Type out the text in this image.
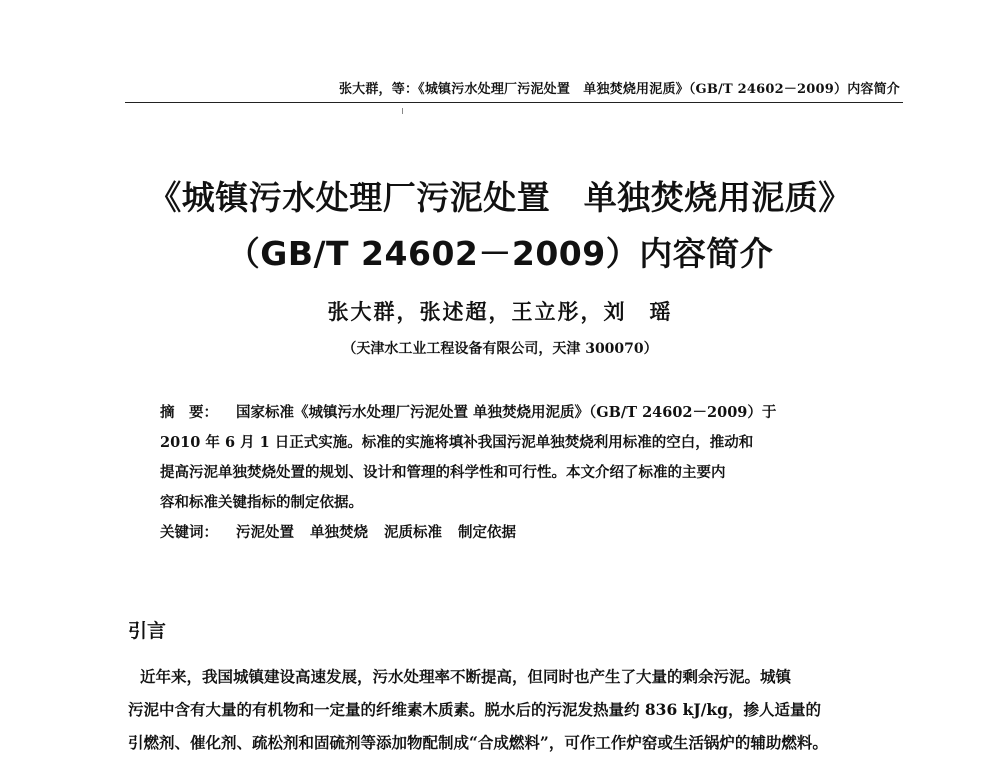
张大群，等：《城镇污水处理厂污泥处置　单独焚烧用泥质》（GB/T 24602－2009）内容简介
《城镇污水处理厂污泥处置　单独焚烧用泥质》
（GB/T 24602－2009）内容简介
张大群，张述超，王立彤，刘　瑶
（天津水工业工程设备有限公司，天津 300070）

摘　要： 国家标准《城镇污水处理厂污泥处置 单独焚烧用泥质》（GB/T 24602－2009）于

2010 年 6 月 1 日正式实施。标准的实施将填补我国污泥单独焚烧利用标准的空白，推动和

提高污泥单独焚烧处置的规划、设计和管理的科学性和可行性。本文介绍了标准的主要内

容和标准关键指标的制定依据。

关键词： 污泥处置 单独焚烧 泥质标准 制定依据

引言

近年来，我国城镇建设高速发展，污水处理率不断提高，但同时也产生了大量的剩余污泥。城镇

污泥中含有大量的有机物和一定量的纤维素木质素。脱水后的污泥发热量约 836 kJ/kg，掺人适量的

引燃剂、催化剂、疏松剂和固硫剂等添加物配制成“合成燃料”，可作工作炉窑或生活锅炉的辅助燃料。
